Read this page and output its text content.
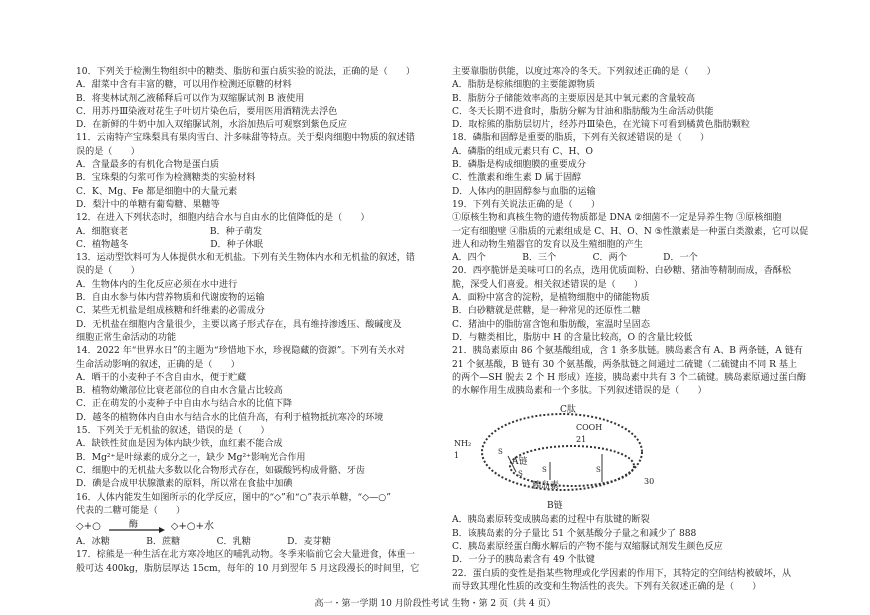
10．下列关于检测生物组织中的糖类、脂肪和蛋白质实验的说法，正确的是（　　）
A．甜菜中含有丰富的糖，可以用作检测还原糖的材料
B．将斐林试剂乙液稀释后可以作为双缩脲试剂 B 液使用
C．用苏丹Ⅲ染液对花生子叶切片染色后，要用医用酒精洗去浮色
D．在新鲜的牛奶中加入双缩脲试剂，水浴加热后可观察到紫色反应
11．云南特产宝珠梨具有果肉雪白、汁多味甜等特点。关于梨肉细胞中物质的叙述错
误的是（　　）
A．含量最多的有机化合物是蛋白质
B．宝珠梨的匀浆可作为检测糖类的实验材料
C．K、Mg、Fe 都是细胞中的大量元素
D．梨汁中的单糖有葡萄糖、果糖等
12．在进入下列状态时，细胞内结合水与自由水的比值降低的是（　　）
A．细胞衰老　　　　　　　　　B．种子萌发
C．植物越冬　　　　　　　　　D．种子休眠
13．运动型饮料可为人体提供水和无机盐。下列有关生物体内水和无机盐的叙述，错
误的是（　　）
A．生物体内的生化反应必须在水中进行
B．自由水参与体内营养物质和代谢废物的运输
C．某些无机盐是组成核糖和纤维素的必需成分
D．无机盐在细胞内含量很少，主要以离子形式存在，具有维持渗透压、酸碱度及
细胞正常生命活动的功能
14．2022 年“世界水日”的主题为“珍惜地下水，珍视隐藏的资源”。下列有关水对
生命活动影响的叙述，正确的是（　　）
A．晒干的小麦种子不含自由水，便于贮藏
B．植物幼嫩部位比衰老部位的自由水含量占比较高
C．正在萌发的小麦种子中自由水与结合水的比值下降
D．越冬的植物体内自由水与结合水的比值升高，有利于植物抵抗寒冷的环境
15．下列关于无机盐的叙述，错误的是（　　）
A．缺铁性贫血是因为体内缺少铁，血红素不能合成
B．Mg²⁺是叶绿素的成分之一，缺少 Mg²⁺影响光合作用
C．细胞中的无机盐大多数以化合物形式存在，如碳酸钙构成骨骼、牙齿
D．碘是合成甲状腺激素的原料，所以常在食盐中加碘
16．人体内能发生如图所示的化学反应，图中的“◇”和“○”表示单糖，“◇—○”
代表的二糖可能是（　　）
◇+○	酶	◇+○+水
A．冰糖　　　　B．蔗糖　　　　C．乳糖　　　　D．麦芽糖
17．棕熊是一种生活在北方寒冷地区的哺乳动物。冬季来临前它会大量进食，体重一
般可达 400kg，脂肪层厚达 15cm，每年的 10 月到翌年 5 月这段漫长的时间里，它
主要靠脂肪供能，以度过寒冷的冬天。下列叙述正确的是（　　）
A．脂肪是棕熊细胞的主要能源物质
B．脂肪分子储能效率高的主要原因是其中氧元素的含量较高
C．冬天长期不进食时，脂肪分解为甘油和脂肪酸为生命活动供能
D．取棕熊的脂肪层切片，经苏丹Ⅲ染色，在光镜下可看到橘黄色脂肪颗粒
18．磷脂和固醇是重要的脂质，下列有关叙述错误的是（　　）
A．磷脂的组成元素只有 C、H、O
B．磷脂是构成细胞膜的重要成分
C．性激素和维生素 D 属于固醇
D．人体内的胆固醇参与血脂的运输
19．下列有关说法正确的是（　　）
①原核生物和真核生物的遗传物质都是 DNA ②细菌不一定是异养生物 ③原核细胞
一定有细胞壁 ④脂质的元素组成是 C、H、O、N ⑤性激素是一种蛋白类激素，它可以促
进人和动物生殖器官的发育以及生殖细胞的产生
A．四个　　　　B．三个　　　　C．两个　　　　D．一个
20．西亭脆饼是美味可口的名点，选用优质面粉、白砂糖、猪油等精制而成，香酥松
脆，深受人们喜爱。相关叙述错误的是（　　）
A．面粉中富含的淀粉，是植物细胞中的储能物质
B．白砂糖就是蔗糖，是一种常见的还原性二糖
C．猪油中的脂肪富含饱和脂肪酸，室温时呈固态
D．与糖类相比，脂肪中 H 的含量比较高，O 的含量比较低
21．胰岛素原由 86 个氨基酸组成，含 1 条多肽链。胰岛素含有 A、B 两条链，A 链有
21 个氨基酸，B 链有 30 个氨基酸，两条肽链之间通过二硫键（二硫键由不同 R 基上
的两个—SH 脱去 2 个 H 形成）连接，胰岛素中共有 3 个二硫键。胰岛素原通过蛋白酶
的水解作用生成胰岛素和一个多肽。下列叙述错误的是（　　）
C肽
A链
胰岛素
B链
NH₂
1
COOH
21
30
S
S	S	S
A．胰岛素原转变成胰岛素的过程中有肽键的断裂
B．该胰岛素的分子量比 51 个氨基酸分子量之和减少了 888
C．胰岛素原经蛋白酶水解后的产物不能与双缩脲试剂发生颜色反应
D．一分子的胰岛素含有 49 个肽键
22．蛋白质的变性是指某些物理或化学因素的作用下，其特定的空间结构被破坏，从
而导致其理化性质的改变和生物活性的丧失。下列有关叙述正确的是（　　）
高一・第一学期 10 月阶段性考试 生物・第 2 页（共 4 页）
